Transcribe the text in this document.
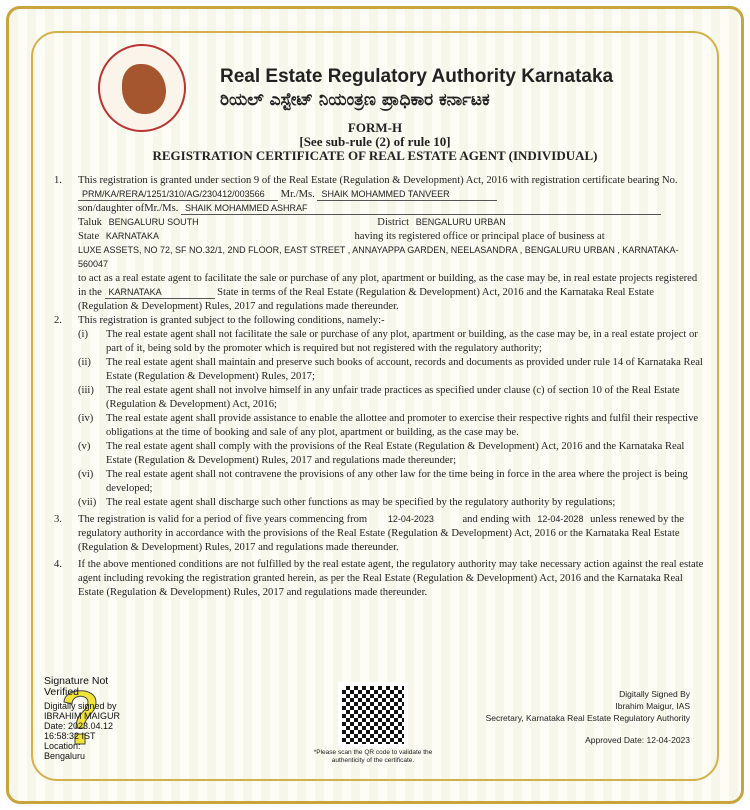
Real Estate Regulatory Authority Karnataka
ರಿಯಲ್ ಎಸ್ಟೇಟ್ ನಿಯಂತ್ರಣ ಪ್ರಾಧಿಕಾರ ಕರ್ನಾಟಕ
FORM-H
[See sub-rule (2) of rule 10]
REGISTRATION CERTIFICATE OF REAL ESTATE AGENT (INDIVIDUAL)
1. This registration is granted under section 9 of the Real Estate (Regulation & Development) Act, 2016 with registration certificate bearing No. PRM/KA/RERA/1251/310/AG/230412/003566 Mr./Ms. SHAIK MOHAMMED TANVEER
son/daughter ofMr./Ms. SHAIK MOHAMMED ASHRAF
Taluk BENGALURU SOUTH	District BENGALURU URBAN
State KARNATAKA	having its registered office or principal place of business at
LUXE ASSETS, NO 72, SF NO.32/1, 2ND FLOOR, EAST STREET , ANNAYAPPA GARDEN, NEELASANDRA , BENGALURU URBAN , KARNATAKA-560047
to act as a real estate agent to facilitate the sale or purchase of any plot, apartment or building, as the case may be, in real estate projects registered in the KARNATAKA	State in terms of the Real Estate (Regulation & Development) Act, 2016 and the Karnataka Real Estate (Regulation & Development) Rules, 2017 and regulations made thereunder.
2. This registration is granted subject to the following conditions, namely:-
(i) The real estate agent shall not facilitate the sale or purchase of any plot, apartment or building, as the case may be, in a real estate project or part of it, being sold by the promoter which is required but not registered with the regulatory authority;
(ii) The real estate agent shall maintain and preserve such books of account, records and documents as provided under rule 14 of Karnataka Real Estate (Regulation & Development) Rules, 2017;
(iii) The real estate agent shall not involve himself in any unfair trade practices as specified under clause (c) of section 10 of the Real Estate (Regulation & Development) Act, 2016;
(iv) The real estate agent shall provide assistance to enable the allottee and promoter to exercise their respective rights and fulfil their respective obligations at the time of booking and sale of any plot, apartment or building, as the case may be.
(v) The real estate agent shall comply with the provisions of the Real Estate (Regulation & Development) Act, 2016 and the Karnataka Real Estate (Regulation & Development) Rules, 2017 and regulations made thereunder;
(vi) The real estate agent shall not contravene the provisions of any other law for the time being in force in the area where the project is being developed;
(vii) The real estate agent shall discharge such other functions as may be specified by the regulatory authority by regulations;
3. The registration is valid for a period of five years commencing from 12-04-2023	and ending with 12-04-2028 unless renewed by the regulatory authority in accordance with the provisions of the Real Estate (Regulation & Development) Act, 2016 or the Karnataka Real Estate (Regulation & Development) Rules, 2017 and regulations made thereunder.
4. If the above mentioned conditions are not fulfilled by the real estate agent, the regulatory authority may take necessary action against the real estate agent including revoking the registration granted herein, as per the Real Estate (Regulation & Development) Act, 2016 and the Karnataka Real Estate (Regulation & Development) Rules, 2017 and regulations made thereunder.
Signature Not Verified
Digitally signed by
IBRAHIM MAIGUR
Date: 2023.04.12
16:58:32 IST
Location:
Bengaluru	*Please scan the QR code to validate the authenticity of the certificate.
Digitally Signed By
Ibrahim Maigur, IAS
Secretary, Karnataka Real Estate Regulatory Authority
Approved Date: 12-04-2023
